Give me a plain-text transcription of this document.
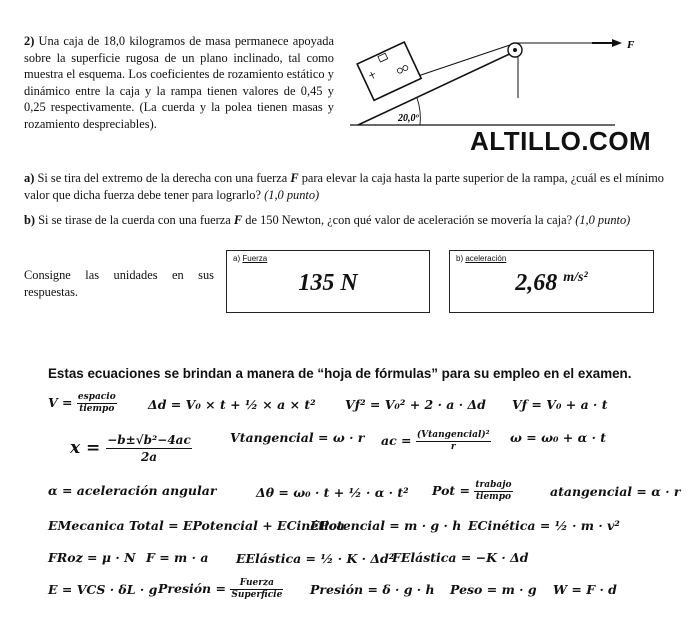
2) Una caja de 18,0 kilogramos de masa permanece apoyada sobre la superficie rugosa de un plano inclinado, tal como muestra el esquema. Los coeficientes de rozamiento estático y dinámico entre la caja y la rampa tienen valores de 0,45 y 0,25 respectivamente. (La cuerda y la polea tienen masas y rozamiento despreciables).	20,0º
F
ALTILLO.COM
a) Si se tira del extremo de la derecha con una fuerza F para elevar la caja hasta la parte superior de la rampa, ¿cuál es el mínimo valor que dicha fuerza debe tener para lograrlo? (1,0 punto)
b) Si se tirase de la cuerda con una fuerza F de 150 Newton, ¿con qué valor de aceleración se movería la caja? (1,0 punto)
Consigne las unidades en sus respuestas.
a) Fuerza
135 N
b) aceleración
2,68 $^{m/s^2}$
Estas ecuaciones se brindan a manera de “hoja de fórmulas” para su empleo en el examen.
V = espacio
tiempo	Δd = V₀ × t + ½ × a × t² Vƒ² = V₀² + 2 · a · Δd Vƒ = V₀ + a · t
$x = \frac{\text{−b±√b²−4ac}}{2a}$	Vtangencial = ω · r ac = (Vtangencial)²
r
ω = ω₀ + α · t
α = aceleración angular	Δθ = ω₀ · t + ½ · α · t² Pot = trabajo
tiempo	atangencial = α · r
EMecanica Total = EPotencial + ECinética
EPotencial = m · g · h ECinética = ½ · m · v²
FRoz = μ · N F = m · a EElástica = ½ · K · Δd²
FElástica = −K · Δd
E = VCS · δL · g Presión =	Fuerza
Superficie Presión = δ · g · h Peso = m · g W = F · d
